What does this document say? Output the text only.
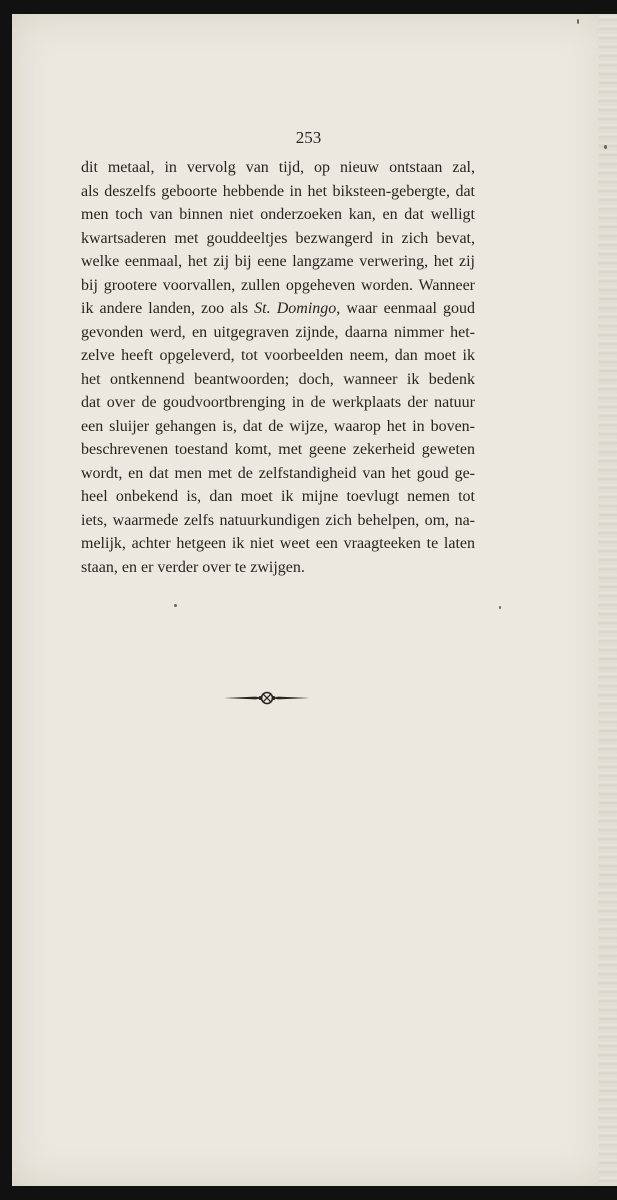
253
dit metaal, in vervolg van tijd, op nieuw ontstaan zal,
als deszelfs geboorte hebbende in het biksteen-gebergte, dat
men toch van binnen niet onderzoeken kan, en dat welligt
kwartsaderen met gouddeeltjes bezwangerd in zich bevat,
welke eenmaal, het zij bij eene langzame verwering, het zij
bij grootere voorvallen, zullen opgeheven worden. Wanneer
ik andere landen, zoo als St. Domingo, waar eenmaal goud
gevonden werd, en uitgegraven zijnde, daarna nimmer het-
zelve heeft opgeleverd, tot voorbeelden neem, dan moet ik
het ontkennend beantwoorden; doch, wanneer ik bedenk
dat over de goudvoortbrenging in de werkplaats der natuur
een sluijer gehangen is, dat de wijze, waarop het in boven-
beschrevenen toestand komt, met geene zekerheid geweten
wordt, en dat men met de zelfstandigheid van het goud ge-
heel onbekend is, dan moet ik mijne toevlugt nemen tot
iets, waarmede zelfs natuurkundigen zich behelpen, om, na-
melijk, achter hetgeen ik niet weet een vraagteeken te laten
staan, en er verder over te zwijgen.
